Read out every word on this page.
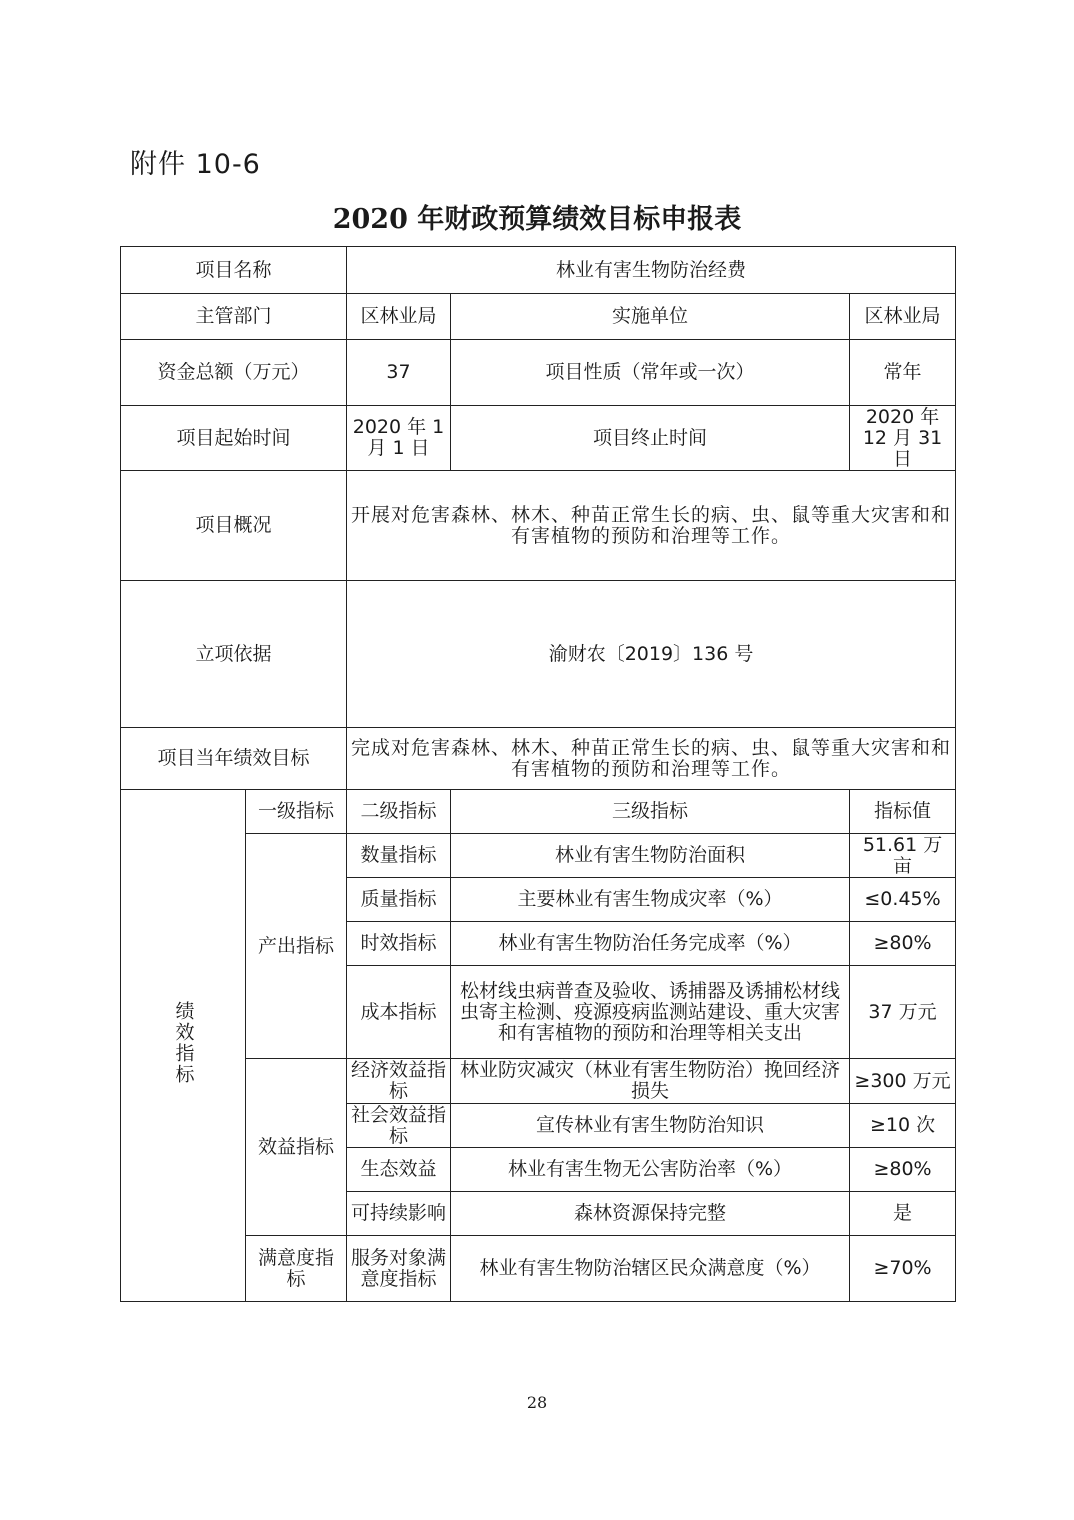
附件 10-6
2020 年财政预算绩效目标申报表
项目名称		林业有害生物防治经费		
主管部门		区林业局	实施单位	区林业局
资金总额（万元）		37	项目性质（常年或一次）	常年
项目起始时间		2020 年 1 月 1 日	项目终止时间	2020 年 12 月 31 日
项目概况		开展对危害森林、林木、种苗正常生长的病、虫、鼠等重大灾害和和有害植物的预防和治理等工作。		
立项依据		渝财农〔2019〕136 号		
项目当年绩效目标		完成对危害森林、林木、种苗正常生长的病、虫、鼠等重大灾害和和有害植物的预防和治理等工作。		
绩效指标	一级指标	二级指标	三级指标	指标值
	产出指标	数量指标	林业有害生物防治面积	51.61 万亩
		质量指标	主要林业有害生物成灾率（%）	≤0.45%
		时效指标	林业有害生物防治任务完成率（%）	≥80%
		成本指标	松材线虫病普查及验收、诱捕器及诱捕松材线虫寄主检测、疫源疫病监测站建设、重大灾害和有害植物的预防和治理等相关支出	37 万元
	效益指标	经济效益指标	林业防灾减灾（林业有害生物防治）挽回经济损失	≥300 万元
		社会效益指标	宣传林业有害生物防治知识	≥10 次
		生态效益	林业有害生物无公害防治率（%）	≥80%
		可持续影响	森林资源保持完整	是
	满意度指标	服务对象满意度指标	林业有害生物防治辖区民众满意度（%）	≥70%
28
